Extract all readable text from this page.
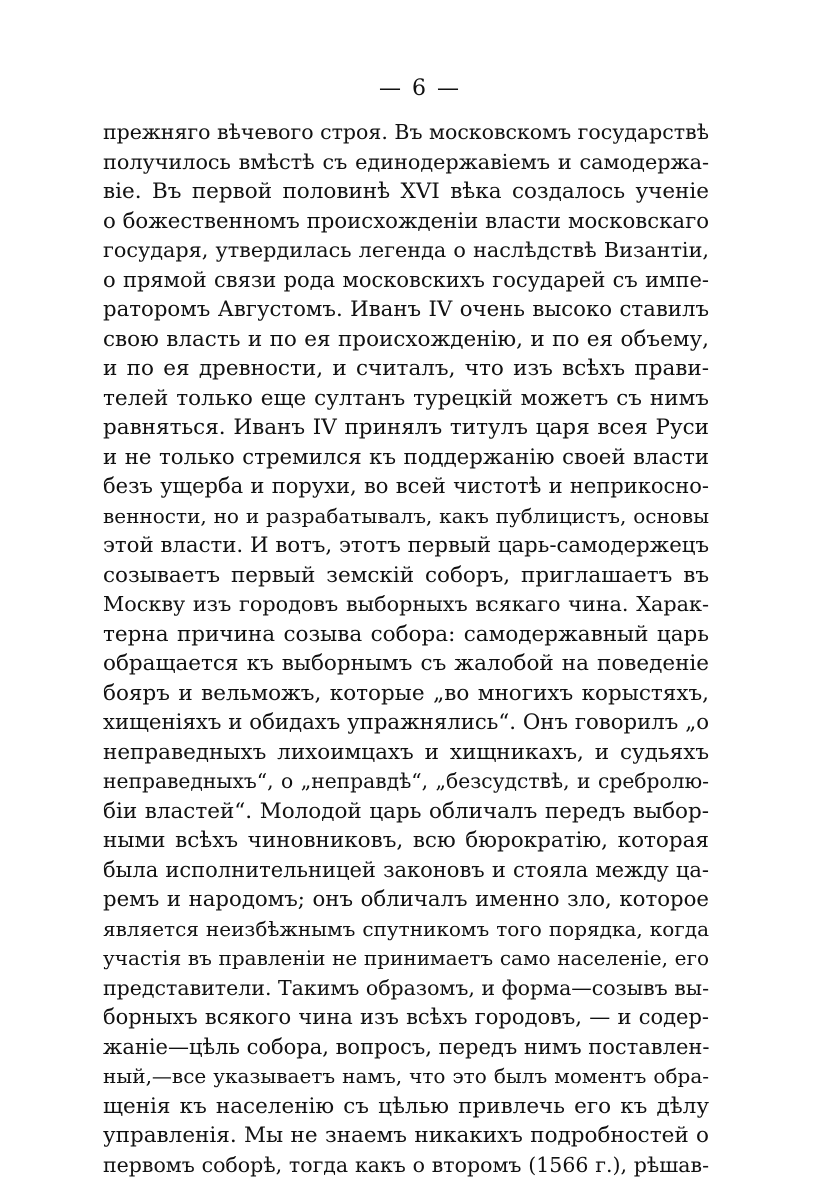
— 6 —
прежняго вѣчевого строя. Въ московскомъ государствѣ
получилось вмѣстѣ съ единодержавіемъ и самодержа-
віе. Въ первой половинѣ XVI вѣка создалось ученіе
о божественномъ происхожденіи власти московскаго
государя, утвердилась легенда о наслѣдствѣ Византіи,
о прямой связи рода московскихъ государей съ импе-
раторомъ Августомъ. Иванъ IV очень высоко ставилъ
свою власть и по ея происхожденію, и по ея объему,
и по ея древности, и считалъ, что изъ всѣхъ прави-
телей только еще султанъ турецкій можетъ съ нимъ
равняться. Иванъ IV принялъ титулъ царя всея Руси
и не только стремился къ поддержанію своей власти
безъ ущерба и порухи, во всей чистотѣ и неприкосно-
венности, но и разрабатывалъ, какъ публицистъ, основы
этой власти. И вотъ, этотъ первый царь-самодержецъ
созываетъ первый земскій соборъ, приглашаетъ въ
Москву изъ городовъ выборныхъ всякаго чина. Харак-
терна причина созыва собора: самодержавный царь
обращается къ выборнымъ съ жалобой на поведеніе
бояръ и вельможъ, которые „во многихъ корыстяхъ,
хищеніяхъ и обидахъ упражнялись“. Онъ говорилъ „о
неправедныхъ лихоимцахъ и хищникахъ, и судьяхъ
неправедныхъ“, о „неправдѣ“, „безсудствѣ, и сребролю-
біи властей“. Молодой царь обличалъ передъ выбор-
ными всѣхъ чиновниковъ, всю бюрократію, которая
была исполнительницей законовъ и стояла между ца-
ремъ и народомъ; онъ обличалъ именно зло, которое
является неизбѣжнымъ спутникомъ того порядка, когда
участія въ правленіи не принимаетъ само населеніе, его
представители. Такимъ образомъ, и форма—созывъ вы-
борныхъ всякого чина изъ всѣхъ городовъ, — и содер-
жаніе—цѣль собора, вопросъ, передъ нимъ поставлен-
ный,—все указываетъ намъ, что это былъ моментъ обра-
щенія къ населенію съ цѣлью привлечь его къ дѣлу
управленія. Мы не знаемъ никакихъ подробностей о
первомъ соборѣ, тогда какъ о второмъ (1566 г.), рѣшав-
